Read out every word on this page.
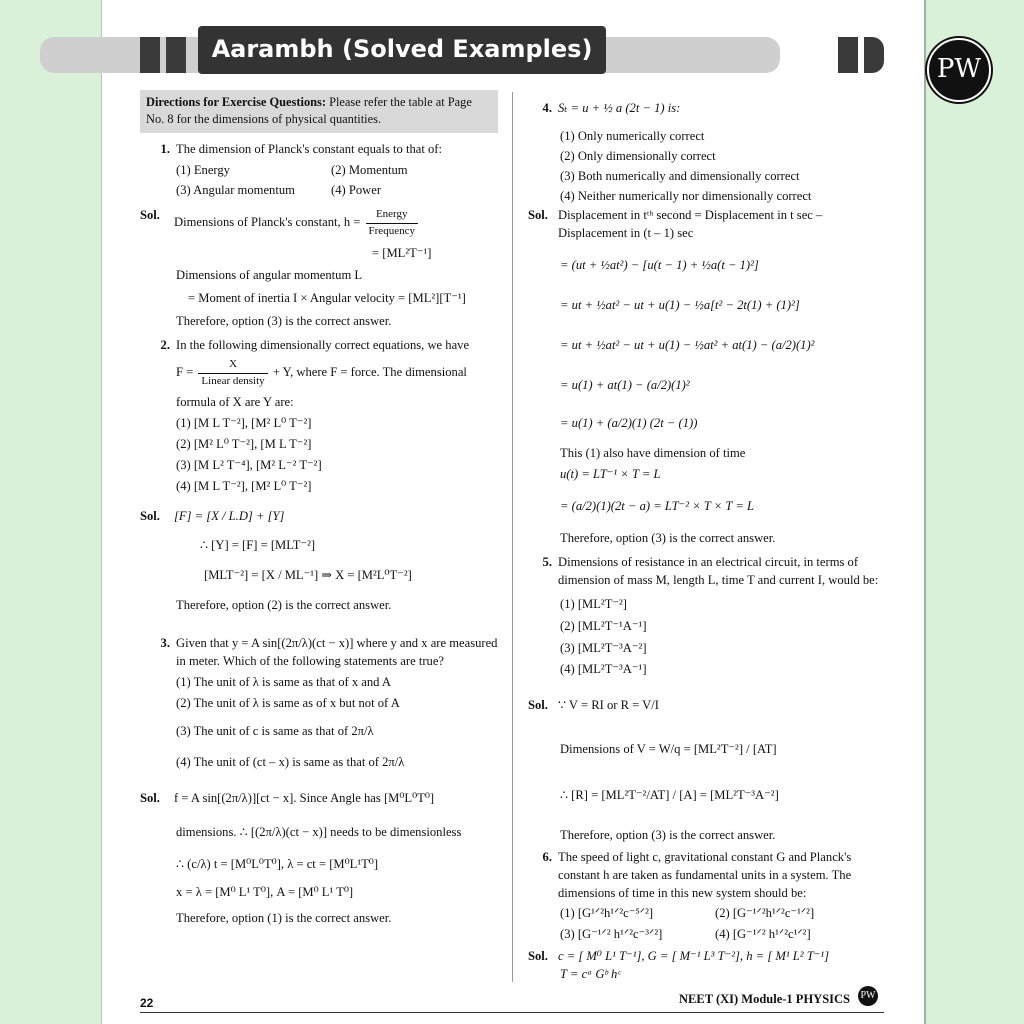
Aarambh (Solved Examples)
PW
Directions for Exercise Questions: Please refer the table at Page No. 8 for the dimensions of physical quantities.
1. The dimension of Planck's constant equals to that of:
(1) Energy	(2) Momentum
(3) Angular momentum	(4) Power
Sol.	Dimensions of Planck's constant, $h = \frac{\text{Energy}}{\text{Frequency}}$

= [ML²T⁻¹]

Dimensions of angular momentum L

= Moment of inertia I × Angular velocity = [ML²][T⁻¹]

Therefore, option (3) is the correct answer.

2. In the following dimensionally correct equations, we have

$F = \frac{X}{\text{Linear density}} + Y$, where F = force. The dimensional

formula of X are Y are:

(1) [M L T⁻²], [M² L⁰ T⁻²]

(2) [M² L⁰ T⁻²], [M L T⁻²]

(3) [M L² T⁻⁴], [M² L⁻² T⁻²]

(4) [M L T⁻²], [M² L⁰ T⁻²]

Sol.	[F] = [X / L.D] + [Y]

∴ [Y] = [F] = [MLT⁻²]

[MLT⁻²] = [X / ML⁻¹] ⇒ X = [M²L⁰T⁻²]

Therefore, option (2) is the correct answer.

3. Given that y = A sin[(2π/λ)(ct − x)] where y and x are measured in meter. Which of the following statements are true?

(1) The unit of λ is same as that of x and A

(2) The unit of λ is same as of x but not of A

(3) The unit of c is same as that of 2π/λ

(4) The unit of (ct – x) is same as that of 2π/λ

Sol.	f = A sin[(2π/λ)][ct − x]. Since Angle has [M⁰L⁰T⁰]

dimensions. ∴ [(2π/λ)(ct − x)] needs to be dimensionless

∴ (c/λ) t = [M⁰L⁰T⁰], λ = ct = [M⁰L¹T⁰]

x = λ = [M⁰ L¹ T⁰], A = [M⁰ L¹ T⁰]

Therefore, option (1) is the correct answer.

4. Sₜ = u + ½ a (2t − 1) is:

(1) Only numerically correct

(2) Only dimensionally correct

(3) Both numerically and dimensionally correct

(4) Neither numerically nor dimensionally correct

Sol. Displacement in tᵗʰ second = Displacement in t sec – Displacement in (t – 1) sec

= (ut + ½at²) − [u(t − 1) + ½a(t − 1)²]

= ut + ½at² − ut + u(1) − ½a[t² − 2t(1) + (1)²]

= ut + ½at² − ut + u(1) − ½at² + at(1) − (a/2)(1)²

= u(1) + at(1) − (a/2)(1)²

= u(1) + (a/2)(1) (2t − (1))

This (1) also have dimension of time

u(t) = LT⁻¹ × T = L

= (a/2)(1)(2t − a) = LT⁻² × T × T = L

Therefore, option (3) is the correct answer.

5. Dimensions of resistance in an electrical circuit, in terms of dimension of mass M, length L, time T and current I, would be:

(1) [ML²T⁻²]

(2) [ML²T⁻¹A⁻¹]

(3) [ML²T⁻³A⁻²]

(4) [ML²T⁻³A⁻¹]

Sol. ∵ V = RI or R = V/I

Dimensions of V = W/q = [ML²T⁻²] / [AT]

∴ [R] = [ML²T⁻²/AT] / [A] = [ML²T⁻³A⁻²]

Therefore, option (3) is the correct answer.

6. The speed of light c, gravitational constant G and Planck's constant h are taken as fundamental units in a system. The dimensions of time in this new system should be:
(1) [G¹ᐟ²h¹ᐟ²c⁻⁵ᐟ²]	(2) [G⁻¹ᐟ²h¹ᐟ²c⁻¹ᐟ²]
(3) [G⁻¹ᐟ² h¹ᐟ²c⁻³ᐟ²]	(4) [G⁻¹ᐟ² h¹ᐟ²c¹ᐟ²]
Sol. c = [ M⁰ L¹ T⁻¹], G = [ M⁻¹ L³ T⁻²], h = [ M¹ L² T⁻¹]

T = cᵃ Gᵇ hᶜ

22	NEET (XI) Module-1 PHYSICS PW
